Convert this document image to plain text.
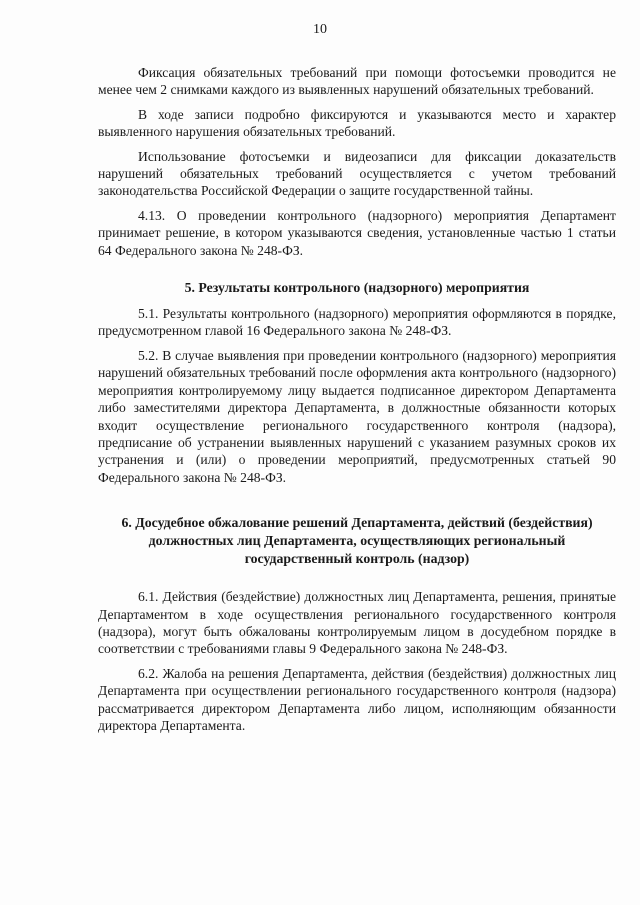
10

Фиксация обязательных требований при помощи фотосъемки проводится не менее чем 2 снимками каждого из выявленных нарушений обязательных требований.

В ходе записи подробно фиксируются и указываются место и характер выявленного нарушения обязательных требований.

Использование фотосъемки и видеозаписи для фиксации доказательств нарушений обязательных требований осуществляется с учетом требований законодательства Российской Федерации о защите государственной тайны.

4.13. О проведении контрольного (надзорного) мероприятия Департамент принимает решение, в котором указываются сведения, установленные частью 1 статьи 64 Федерального закона № 248-ФЗ.

5. Результаты контрольного (надзорного) мероприятия

5.1. Результаты контрольного (надзорного) мероприятия оформляются в порядке, предусмотренном главой 16 Федерального закона № 248-ФЗ.

5.2. В случае выявления при проведении контрольного (надзорного) мероприятия нарушений обязательных требований после оформления акта контрольного (надзорного) мероприятия контролируемому лицу выдается подписанное директором Департамента либо заместителями директора Департамента, в должностные обязанности которых входит осуществление регионального государственного контроля (надзора), предписание об устранении выявленных нарушений с указанием разумных сроков их устранения и (или) о проведении мероприятий, предусмотренных статьей 90 Федерального закона № 248-ФЗ.

6. Досудебное обжалование решений Департамента, действий (бездействия) должностных лиц Департамента, осуществляющих региональный государственный контроль (надзор)

6.1. Действия (бездействие) должностных лиц Департамента, решения, принятые Департаментом в ходе осуществления регионального государственного контроля (надзора), могут быть обжалованы контролируемым лицом в досудебном порядке в соответствии с требованиями главы 9 Федерального закона № 248-ФЗ.

6.2. Жалоба на решения Департамента, действия (бездействия) должностных лиц Департамента при осуществлении регионального государственного контроля (надзора) рассматривается директором Департамента либо лицом, исполняющим обязанности директора Департамента.
